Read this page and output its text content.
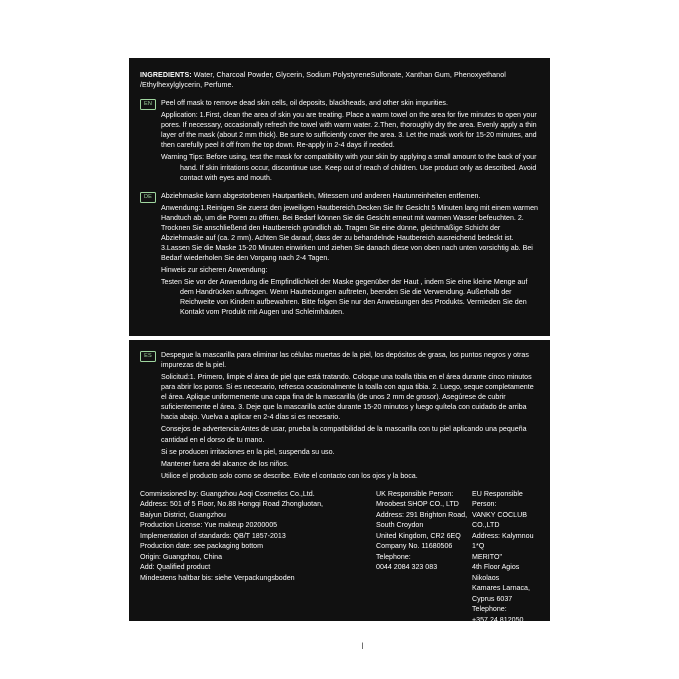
INGREDIENTS: Water, Charcoal Powder, Glycerin, Sodium PolystyreneSulfonate, Xanthan Gum, Phenoxyethanol /Ethylhexylglycerin, Perfume.

EN	Peel off mask to remove dead skin cells, oil deposits, blackheads, and other skin impurities.

Application: 1.First, clean the area of skin you are treating. Place a warm towel on the area for five minutes to open your pores. If necessary, occasionally refresh the towel with warm water. 2.Then, thoroughly dry the area. Evenly apply a thin layer of the mask (about 2 mm thick). Be sure to sufficiently cover the area. 3. Let the mask work for 15-20 minutes, and then carefully peel it off from the top down. Re-apply in 2-4 days if needed.

Warning Tips: Before using, test the mask for compatibility with your skin by applying a small amount to the back of your hand. If skin irritations occur, discontinue use. Keep out of reach of children. Use product only as described. Avoid contact with eyes and mouth.

DE	Abziehmaske kann abgestorbenen Hautpartikeln, Mitessern und anderen Hautunreinheiten entfernen.

Anwendung:1.Reinigen Sie zuerst den jeweiligen Hautbereich.Decken Sie Ihr Gesicht 5 Minuten lang mit einem warmen Handtuch ab, um die Poren zu öffnen. Bei Bedarf können Sie die Gesicht erneut mit warmen Wasser befeuchten. 2. Trocknen Sie anschließend den Hautbereich gründlich ab. Tragen Sie eine dünne, gleichmäßige Schicht der Abziehmaske auf (ca. 2 mm). Achten Sie darauf, dass der zu behandelnde Hautbereich ausreichend bedeckt ist. 3.Lassen Sie die Maske 15-20 Minuten einwirken und ziehen Sie danach diese von oben nach unten vorsichtig ab. Bei Bedarf wiederholen Sie den Vorgang nach 2-4 Tagen.

Hinweis zur sicheren Anwendung:

Testen Sie vor der Anwendung die Empfindlichkeit der Maske gegenüber der Haut , indem Sie eine kleine Menge auf dem Handrücken auftragen. Wenn Hautreizungen auftreten, beenden Sie die Verwendung. Außerhalb der Reichweite von Kindern aufbewahren. Bitte folgen Sie nur den Anweisungen des Produkts. Vermieden Sie den Kontakt vom Produkt mit Augen und Schleimhäuten.

ES	Despegue la mascarilla para eliminar las células muertas de la piel, los depósitos de grasa, los puntos negros y otras impurezas de la piel.

Solicitud:1. Primero, limpie el área de piel que está tratando. Coloque una toalla tibia en el área durante cinco minutos para abrir los poros. Si es necesario, refresca ocasionalmente la toalla con agua tibia. 2. Luego, seque completamente el área. Aplique uniformemente una capa fina de la mascarilla (de unos 2 mm de grosor). Asegúrese de cubrir suficientemente el área. 3. Deje que la mascarilla actúe durante 15-20 minutos y luego quítela con cuidado de arriba hacia abajo. Vuelva a aplicar en 2-4 días si es necesario.

Consejos de advertencia:Antes de usar, prueba la compatibilidad de la mascarilla con tu piel aplicando una pequeña cantidad en el dorso de tu mano.

Si se producen irritaciones en la piel, suspenda su uso.

Mantener fuera del alcance de los niños.

Utilice el producto solo como se describe. Evite el contacto con los ojos y la boca.

Commissioned by: Guangzhou Aoqi Cosmetics Co.,Ltd.

Address: 501 of 5 Floor, No.88 Hongqi Road Zhongluotan,

Baiyun District, Guangzhou

Production License: Yue makeup 20200005

Implementation of standards: QB/T 1857-2013

Production date: see packaging bottom

Origin: Guangzhou, China

Add: Qualified product

Mindestens haltbar bis: siehe Verpackungsboden

UK Responsible Person:

Mroobest SHOP CO., LTD

Address: 291 Brighton Road,

South Croydon

United Kingdom, CR2 6EQ

Company No. 11680506

Telephone:

0044 2084 323 083

EU Responsible Person:

VANKY COCLUB CO.,LTD

Address: Kalymnou 1*Q

MERITO"

4th Floor Agios Nikolaos

Kamares Larnaca,

Cyprus 6037

Telephone:

+357 24 812050

12M	PAP	PAP
12M
Made in P.R.C
